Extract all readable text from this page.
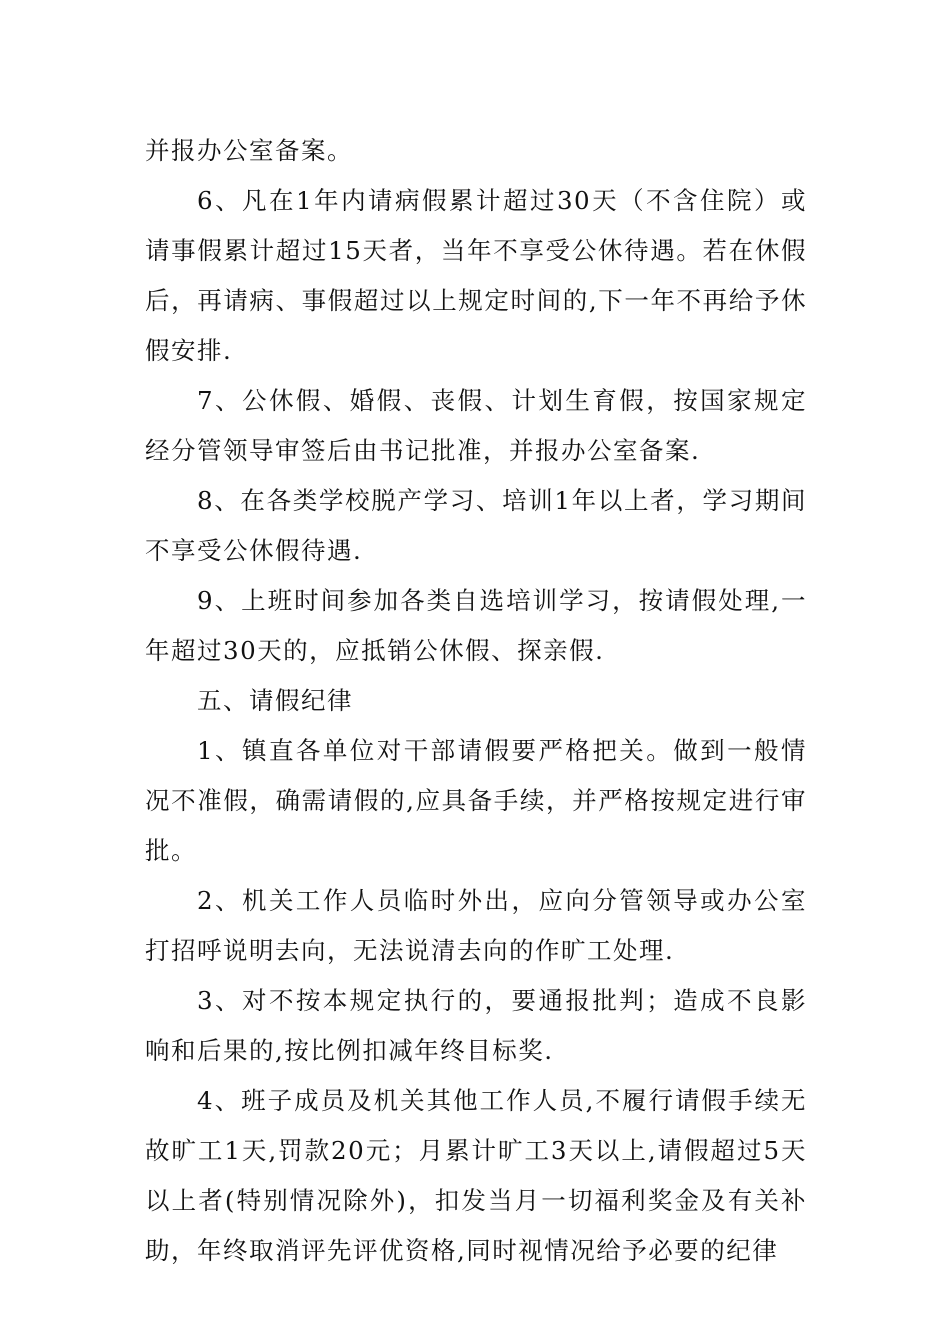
并报办公室备案。

6、凡在1年内请病假累计超过30天（不含住院）或请事假累计超过15天者，当年不享受公休待遇。若在休假后，再请病、事假超过以上规定时间的,下一年不再给予休假安排.

7、公休假、婚假、丧假、计划生育假，按国家规定经分管领导审签后由书记批准，并报办公室备案.

8、在各类学校脱产学习、培训1年以上者，学习期间不享受公休假待遇.

9、上班时间参加各类自选培训学习，按请假处理,一年超过30天的，应抵销公休假、探亲假.

五、请假纪律

1、镇直各单位对干部请假要严格把关。做到一般情况不准假，确需请假的,应具备手续，并严格按规定进行审批。

2、机关工作人员临时外出，应向分管领导或办公室打招呼说明去向，无法说清去向的作旷工处理.

3、对不按本规定执行的，要通报批判；造成不良影响和后果的,按比例扣减年终目标奖.

4、班子成员及机关其他工作人员,不履行请假手续无故旷工1天,罚款20元；月累计旷工3天以上,请假超过5天以上者(特别情况除外)，扣发当月一切福利奖金及有关补助，年终取消评先评优资格,同时视情况给予必要的纪律
